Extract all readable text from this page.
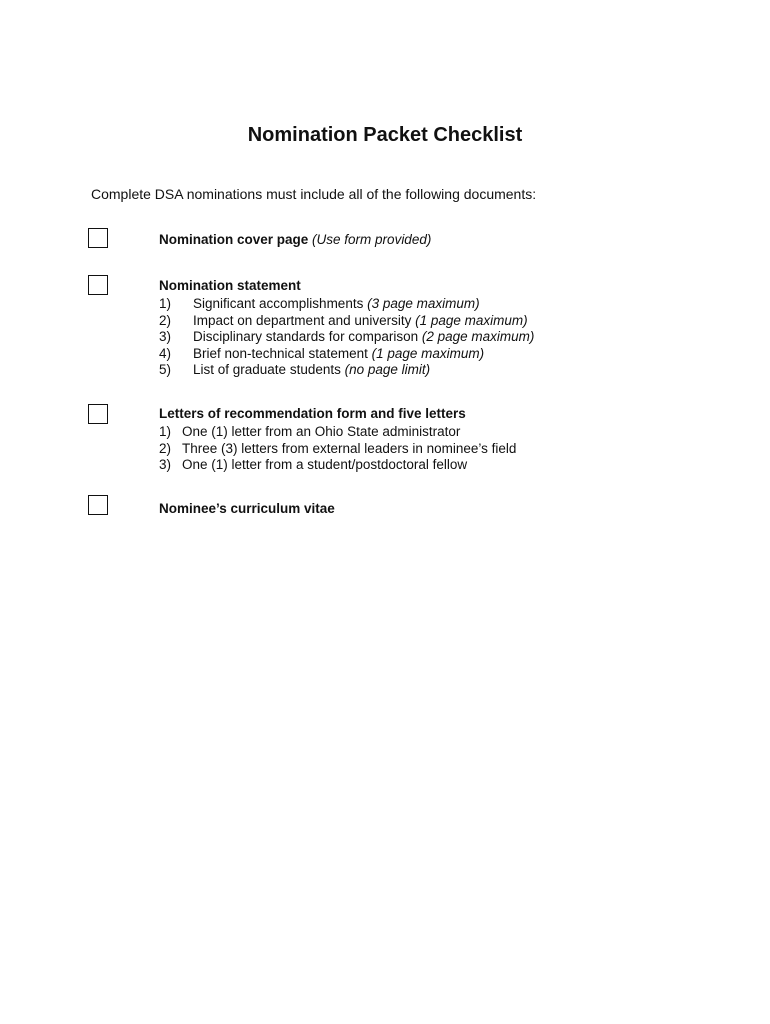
Nomination Packet Checklist

Complete DSA nominations must include all of the following documents:

Nomination cover page (Use form provided)

Nomination statement

1) Significant accomplishments (3 page maximum)
2) Impact on department and university (1 page maximum)
3) Disciplinary standards for comparison (2 page maximum)
4) Brief non-technical statement (1 page maximum)
5) List of graduate students (no page limit)

Letters of recommendation form and five letters

1) One (1) letter from an Ohio State administrator
2) Three (3) letters from external leaders in nominee’s field
3) One (1) letter from a student/postdoctoral fellow

Nominee’s curriculum vitae
